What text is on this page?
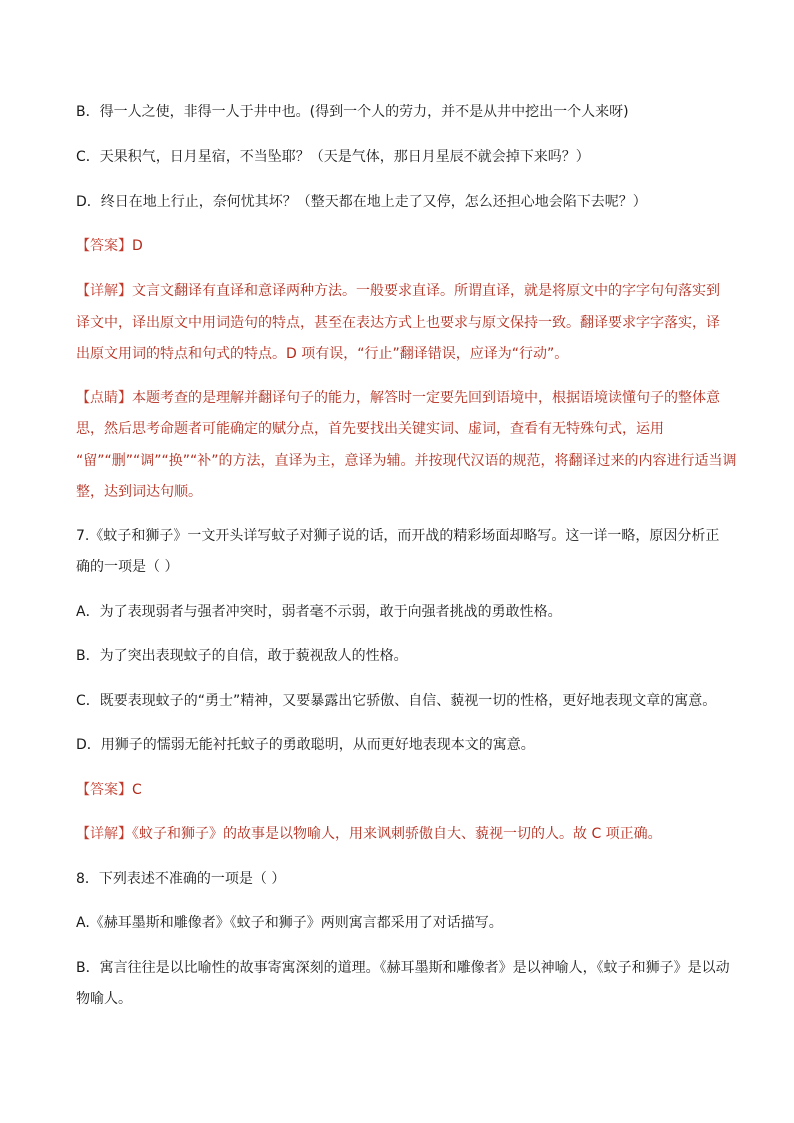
B．得一人之使，非得一人于井中也。(得到一个人的劳力，并不是从井中挖出一个人来呀)
C．天果积气，日月星宿，不当坠耶？（天是气体，那日月星辰不就会掉下来吗？）
D．终日在地上行止，奈何忧其坏？（整天都在地上走了又停，怎么还担心地会陷下去呢？）
【答案】D
【详解】文言文翻译有直译和意译两种方法。一般要求直译。所谓直译，就是将原文中的字字句句落实到
译文中，译出原文中用词造句的特点，甚至在表达方式上也要求与原文保持一致。翻译要求字字落实，译
出原文用词的特点和句式的特点。D 项有误，“行止”翻译错误，应译为“行动”。
【点睛】本题考查的是理解并翻译句子的能力，解答时一定要先回到语境中，根据语境读懂句子的整体意
思，然后思考命题者可能确定的赋分点，首先要找出关键实词、虚词，查看有无特殊句式，运用
“留”“删”“调”“换”“补”的方法，直译为主，意译为辅。并按现代汉语的规范，将翻译过来的内容进行适当调
整，达到词达句顺。
7.《蚊子和狮子》一文开头详写蚊子对狮子说的话，而开战的精彩场面却略写。这一详一略，原因分析正
确的一项是（ ）
A．为了表现弱者与强者冲突时，弱者毫不示弱，敢于向强者挑战的勇敢性格。
B．为了突出表现蚊子的自信，敢于藐视敌人的性格。
C．既要表现蚊子的“勇士”精神，又要暴露出它骄傲、自信、藐视一切的性格，更好地表现文章的寓意。
D．用狮子的懦弱无能衬托蚊子的勇敢聪明，从而更好地表现本文的寓意。
【答案】C
【详解】《蚊子和狮子》的故事是以物喻人，用来讽刺骄傲自大、藐视一切的人。故 C 项正确。
8．下列表述不准确的一项是（ ）
A.《赫耳墨斯和雕像者》《蚊子和狮子》两则寓言都采用了对话描写。
B．寓言往往是以比喻性的故事寄寓深刻的道理。《赫耳墨斯和雕像者》是以神喻人，《蚊子和狮子》是以动
物喻人。
